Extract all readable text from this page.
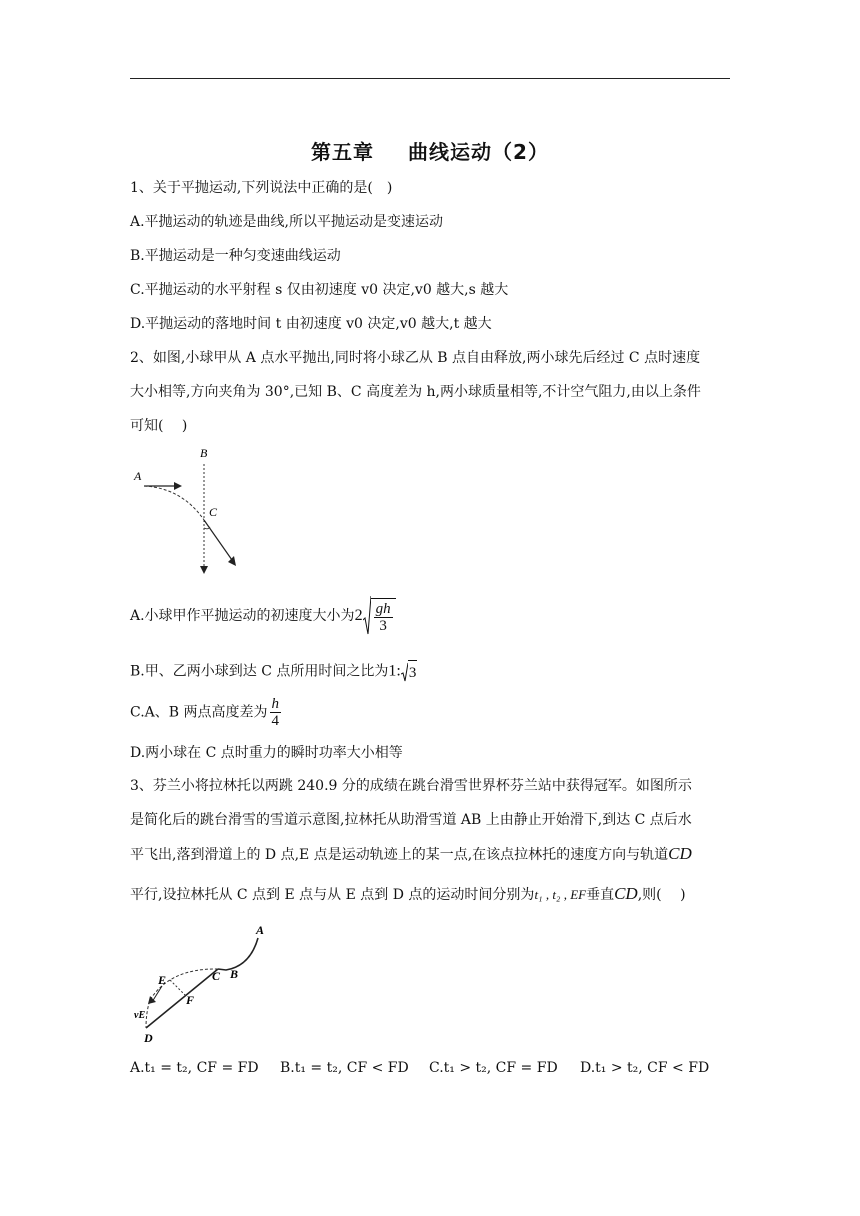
第五章 曲线运动（2）
1、关于平抛运动,下列说法中正确的是(　)
A.平抛运动的轨迹是曲线,所以平抛运动是变速运动
B.平抛运动是一种匀变速曲线运动
C.平抛运动的水平射程 s 仅由初速度 v0 决定,v0 越大,s 越大
D.平抛运动的落地时间 t 由初速度 v0 决定,v0 越大,t 越大
2、如图,小球甲从 A 点水平抛出,同时将小球乙从 B 点自由释放,两小球先后经过 C 点时速度
大小相等,方向夹角为 30°,已知 B、C 高度差为 h,两小球质量相等,不计空气阻力,由以上条件
可知(　 )
A
B
C
A.小球甲作平抛运动的初速度大小为$2 \frac{gh}{3}$
B.甲、乙两小球到达 C 点所用时间之比为1: 3
C.A、B 两点高度差为 $\frac{h}{4}$
D.两小球在 C 点时重力的瞬时功率大小相等
3、芬兰小将拉林托以两跳 240.9 分的成绩在跳台滑雪世界杯芬兰站中获得冠军。如图所示
是简化后的跳台滑雪的雪道示意图,拉林托从助滑雪道 AB 上由静止开始滑下,到达 C 点后水
平飞出,落到滑道上的 D 点,E 点是运动轨迹上的某一点,在该点拉林托的速度方向与轨道CD
平行,设拉林托从 C 点到 E 点与从 E 点到 D 点的运动时间分别为t₁ , t₂ , EF垂直CD,则(　 )
A
B
C
D
E
F
vE
A.t₁ = t₂, CF = FD B.t₁ = t₂, CF < FD C.t₁ > t₂, CF = FD D.t₁ > t₂, CF < FD
